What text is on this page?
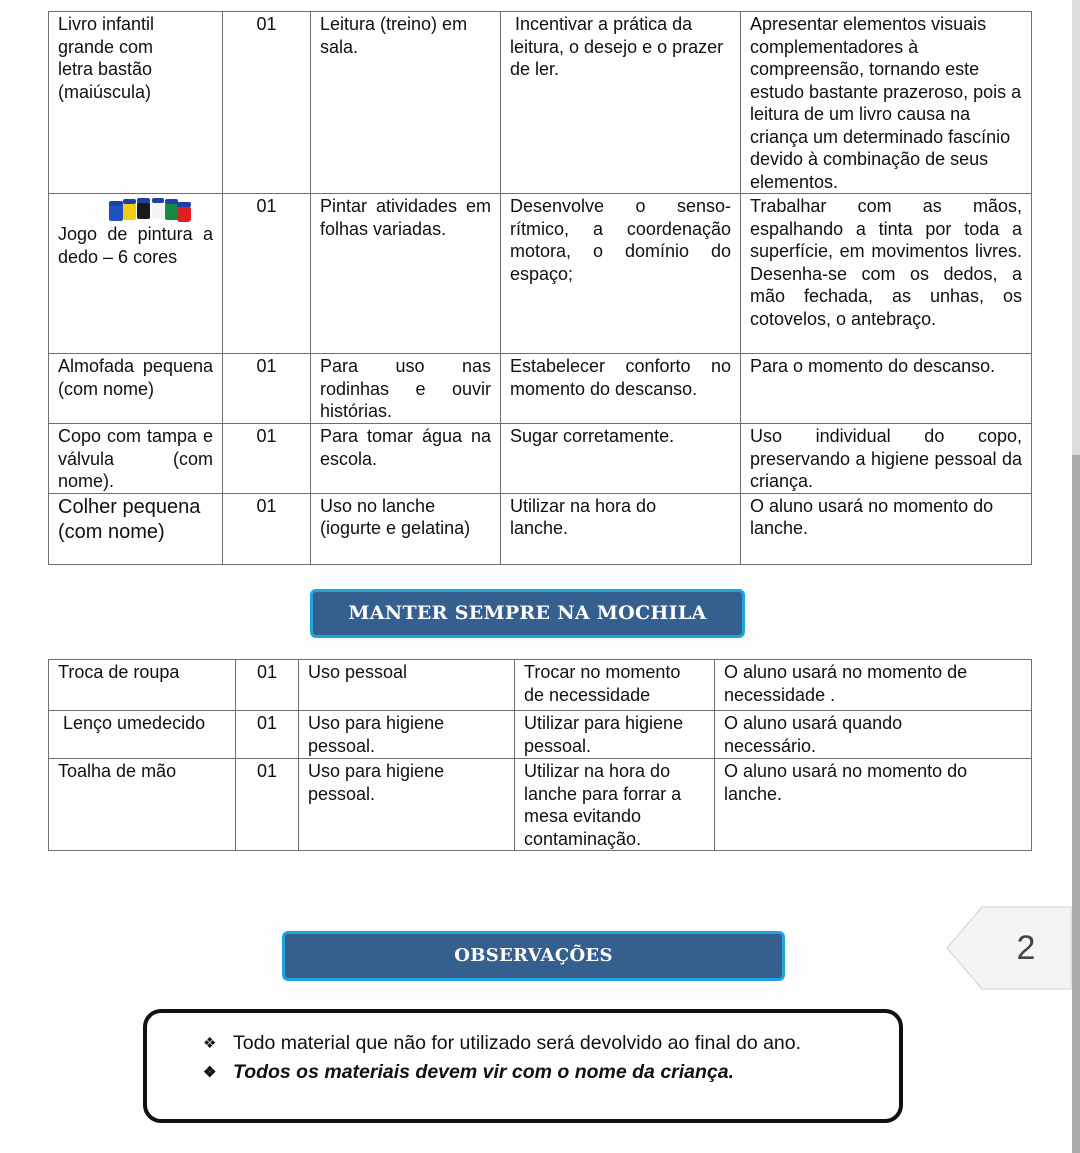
Livro infantil grande com letra bastão (maiúscula)	01	Leitura (treino) em sala.	Incentivar a prática da leitura, o desejo e o prazer de ler.	Apresentar elementos visuais complementadores à compreensão, tornando este estudo bastante prazeroso, pois a leitura de um livro causa na criança um determinado fascínio devido à combinação de seus elementos.

Jogo de pintura a dedo – 6 cores	01	Pintar atividades em folhas variadas.	Desenvolve o senso-rítmico, a coordenação motora, o domínio do espaço;	Trabalhar com as mãos, espalhando a tinta por toda a superfície, em movimentos livres. Desenha-se com os dedos, a mão fechada, as unhas, os cotovelos, o antebraço.
Almofada pequena (com nome)	01	Para uso nas rodinhas e ouvir histórias.	Estabelecer conforto no momento do descanso.	Para o momento do descanso.
Copo com tampa e válvula (com nome).	01	Para tomar água na escola.	Sugar corretamente.	Uso individual do copo, preservando a higiene pessoal da criança.

Colher pequena (com nome)	01	Uso no lanche (iogurte e gelatina)	Utilizar na hora do lanche.	O aluno usará no momento do lanche.
MANTER SEMPRE NA MOCHILA
Troca de roupa	01	Uso pessoal	Trocar no momento de necessidade	O aluno usará no momento de necessidade .
Lenço umedecido	01	Uso para higiene pessoal.	Utilizar para higiene pessoal.	O aluno usará quando necessário.

Toalha de mão	01	Uso para higiene pessoal.	Utilizar na hora do lanche para forrar a mesa evitando contaminação.	O aluno usará no momento do lanche.
OBSERVAÇÕES	2
❖ Todo material que não for utilizado será devolvido ao final do ano.
❖ Todos os materiais devem vir com o nome da criança.
